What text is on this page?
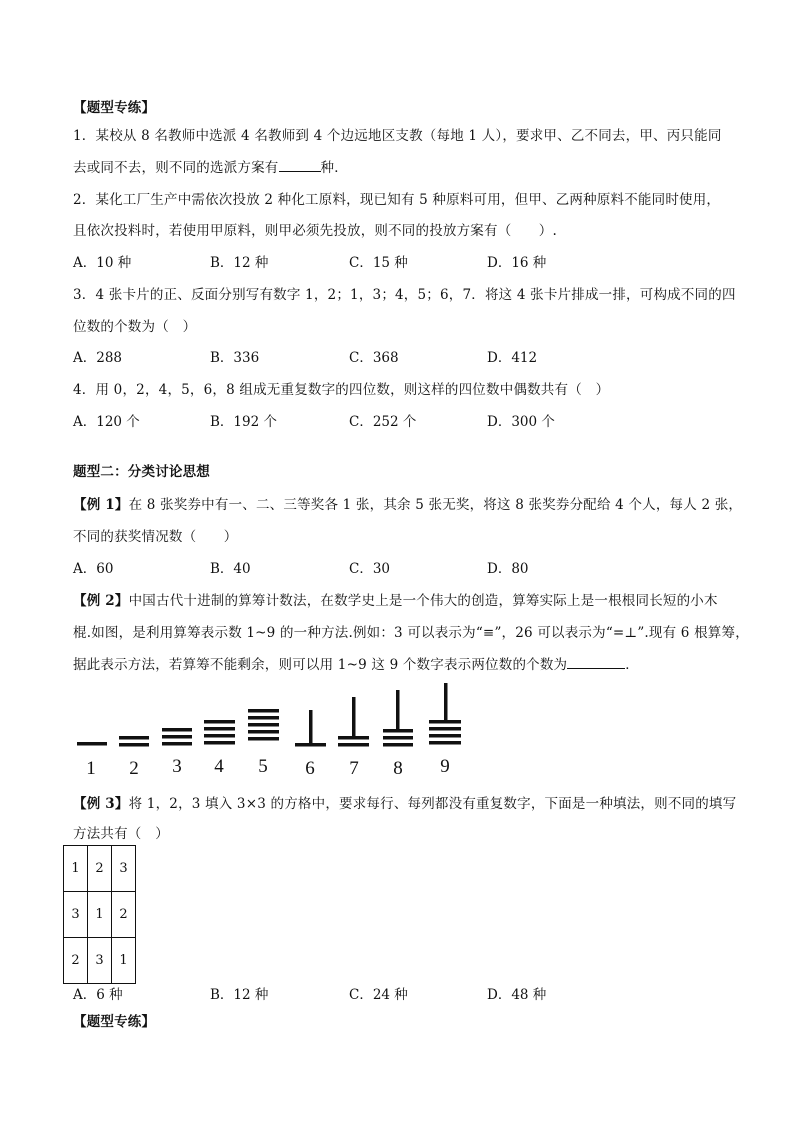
【题型专练】
1．某校从 8 名教师中选派 4 名教师到 4 个边远地区支教（每地 1 人），要求甲、乙不同去，甲、丙只能同
去或同不去，则不同的选派方案有	种．
2．某化工厂生产中需依次投放 2 种化工原料，现已知有 5 种原料可用，但甲、乙两种原料不能同时使用，
且依次投料时，若使用甲原料，则甲必须先投放，则不同的投放方案有（　　）.
A．10 种	B．12 种	C．15 种	D．16 种
3．4 张卡片的正、反面分别写有数字 1，2；1，3；4，5；6，7．将这 4 张卡片排成一排，可构成不同的四
位数的个数为（　）
A．288	B．336	C．368	D．412
4．用 0，2，4，5，6，8 组成无重复数字的四位数，则这样的四位数中偶数共有（　）
A．120 个	B．192 个	C．252 个	D．300 个
题型二：分类讨论思想
【例 1】在 8 张奖券中有一、二、三等奖各 1 张，其余 5 张无奖，将这 8 张奖券分配给 4 个人，每人 2 张，
不同的获奖情况数（　　）
A．60	B．40	C．30	D．80
【例 2】中国古代十进制的算筹计数法，在数学史上是一个伟大的创造，算筹实际上是一根根同长短的小木
棍.如图，是利用算筹表示数 1~9 的一种方法.例如：3 可以表示为“≡”，26 可以表示为“=⊥”.现有 6 根算筹，
据此表示方法，若算筹不能剩余，则可以用 1~9 这 9 个数字表示两位数的个数为	．
1 2 3 4 5 6 7 8 9
【例 3】将 1，2，3 填入 3×3 的方格中，要求每行、每列都没有重复数字，下面是一种填法，则不同的填写
方法共有（　）
1	2	3
3	1	2
2	3	1
A．6 种	B．12 种	C．24 种	D．48 种
【题型专练】
